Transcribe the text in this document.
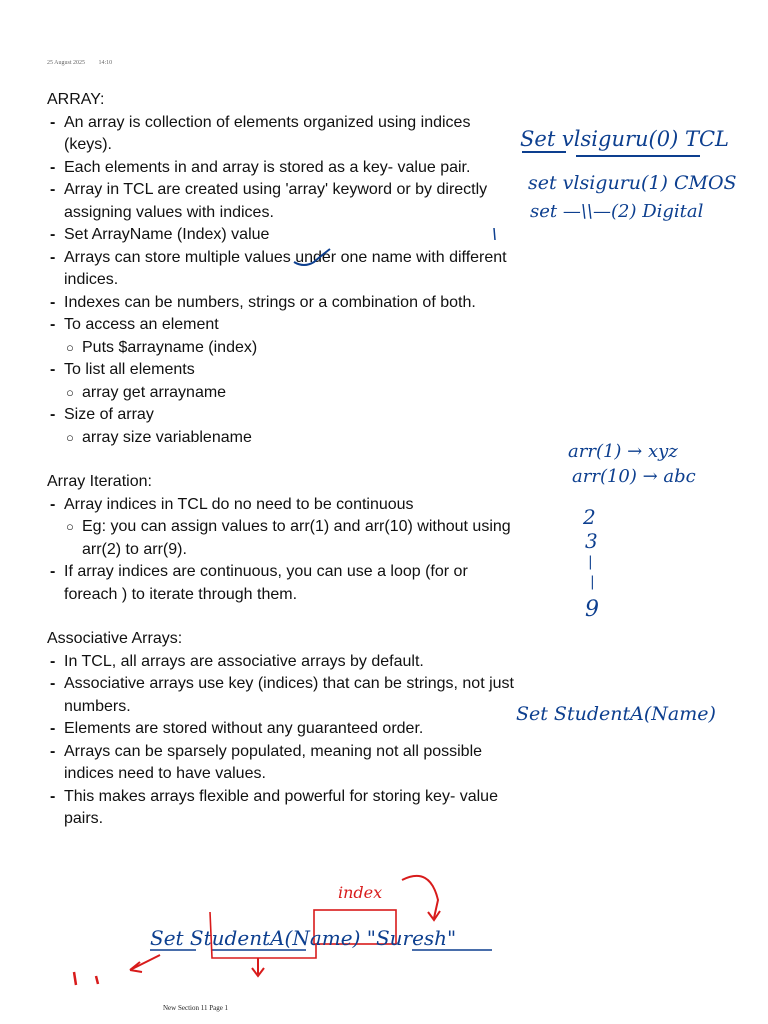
25 August 2025 14:10

ARRAY:

- An array is collection of elements organized using indices (keys).
- Each elements in and array is stored as a key- value pair.
- Array in TCL are created using 'array' keyword or by directly assigning values with indices.
- Set ArrayName (Index) value
- Arrays can store multiple values under one name with different indices.
- Indexes can be numbers, strings or a combination of both.
- To access an element
○ Puts $arrayname (index)
- To list all elements
○ array get arrayname
- Size of array
○ array size variablename

Array Iteration:

- Array indices in TCL do no need to be continuous
○ Eg: you can assign values to arr(1) and arr(10) without using arr(2) to arr(9).
- If array indices are continuous, you can use a loop (for or foreach ) to iterate through them.

Associative Arrays:

- In TCL, all arrays are associative arrays by default.
- Associative arrays use key (indices) that can be strings, not just numbers.
- Elements are stored without any guaranteed order.
- Arrays can be sparsely populated, meaning not all possible indices need to have values.
- This makes arrays flexible and powerful for storing key- value pairs.
Set vlsiguru(0) TCL
set vlsiguru(1) CMOS
set —\\—(2) Digital
arr(1) → xyz
arr(10) → abc
2
3
|
|
9
Set StudentA(Name)
index
Set StudentA(Name) "Suresh"
New Section 11 Page 1
